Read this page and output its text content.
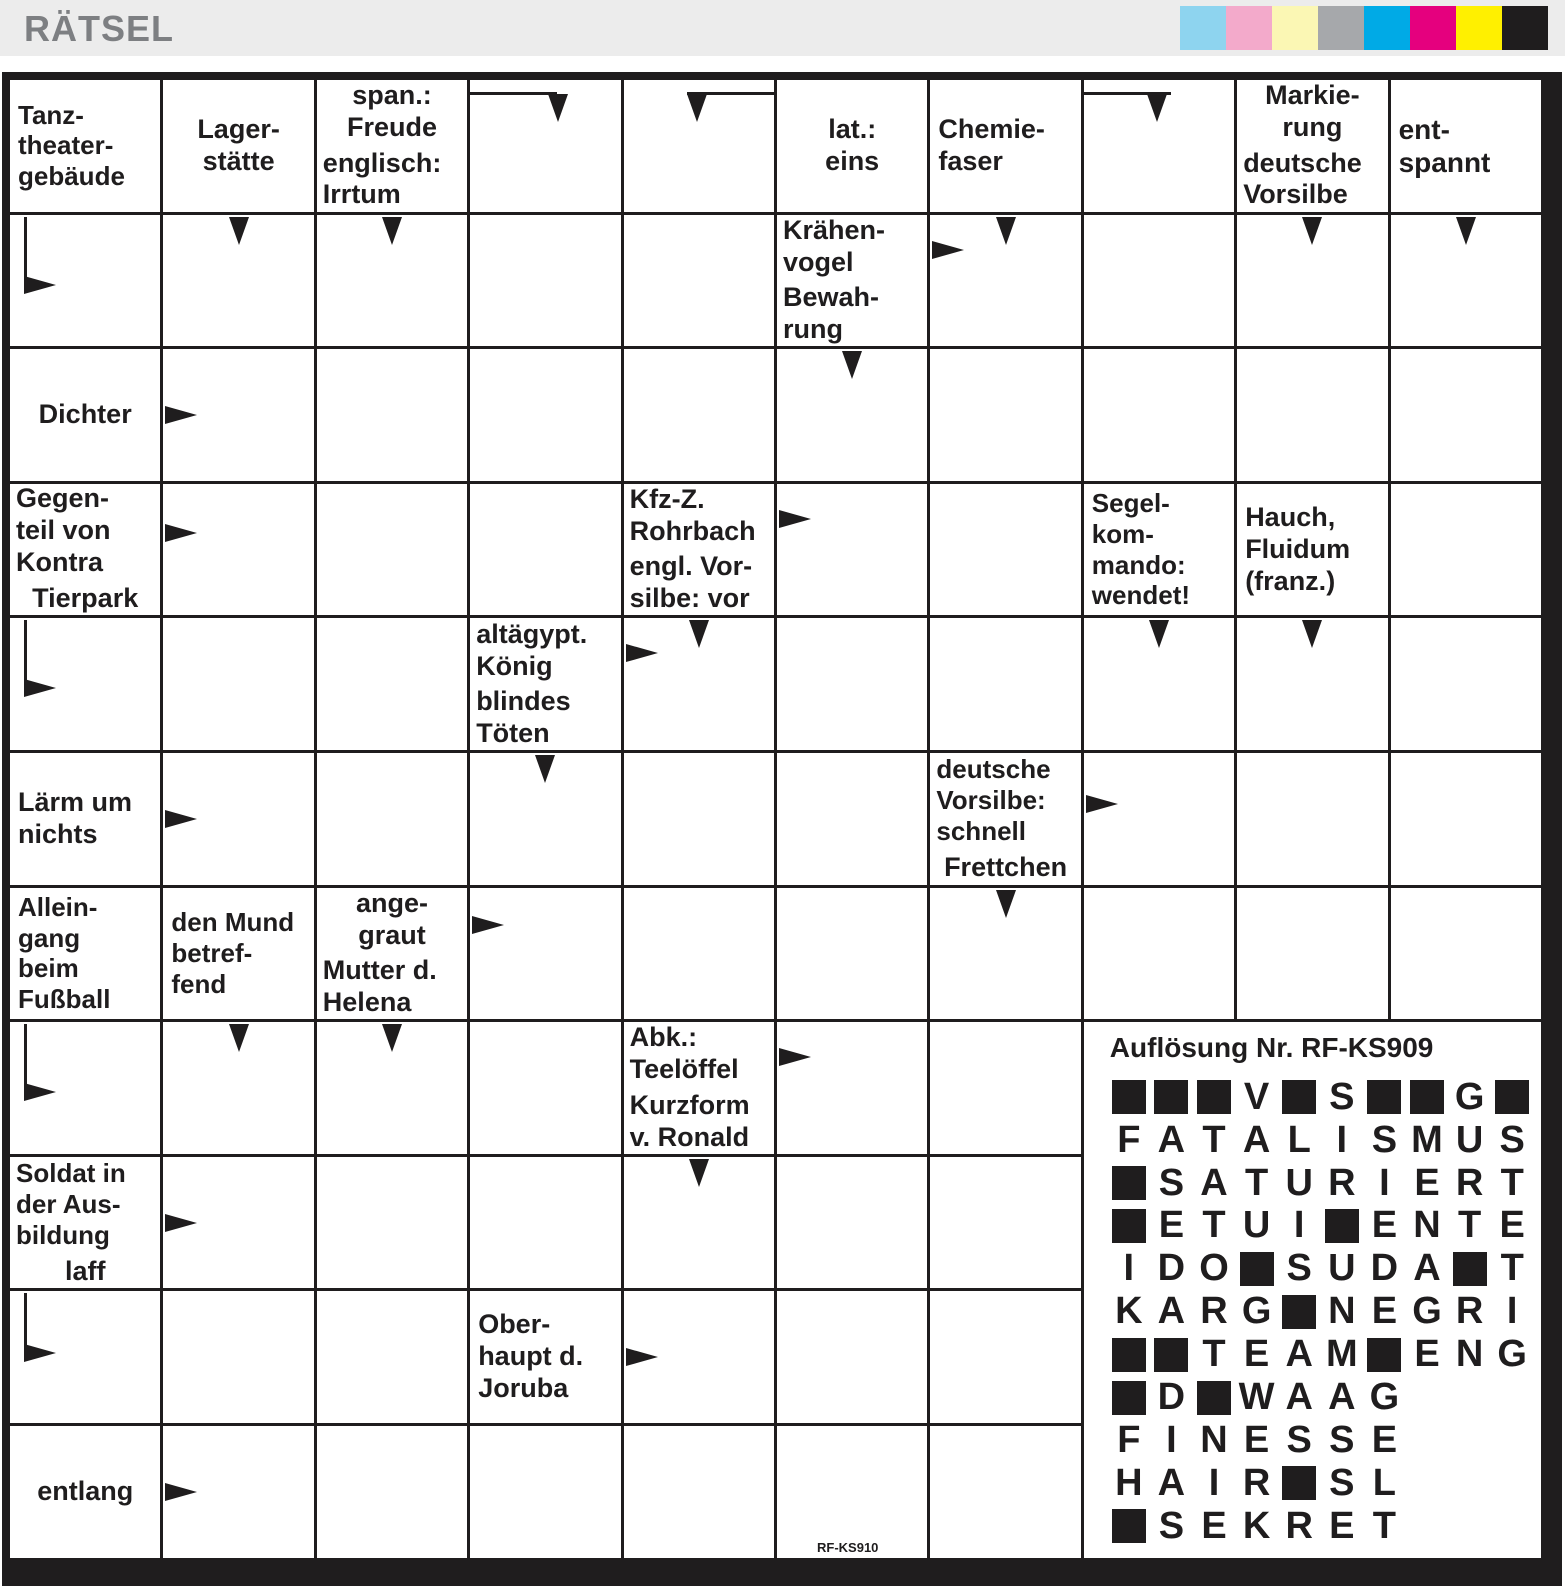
RÄTSEL
Tanz-
theater-
gebäude
Lager-
stätte
span.:
Freude
englisch:
Irrtum
lat.:
eins
Chemie-
faser
Markie-
rung
deutsche
Vorsilbe
ent-
spannt
Krähen-
vogel
Bewah-
rung
Dichter
Gegen-
teil von
Kontra
Tierpark
Kfz-Z.
Rohrbach
engl. Vor-
silbe: vor
Segel-
kom-
mando:
wendet!
Hauch,
Fluidum
(franz.)
altägypt.
König
blindes
Töten
Lärm um
nichts
deutsche
Vorsilbe:
schnell
Frettchen
Allein-
gang
beim
Fußball
den Mund
betref-
fend
ange-
graut
Mutter d.
Helena
Abk.:
Teelöffel
Kurzform
v. Ronald
Soldat in
der Aus-
bildung
laff
Ober-
haupt d.
Joruba
entlang
Auflösung Nr. RF-KS909
V S	G
F A T A L I S M U S
S A T U R I E R T
E T U I	E N T E
I D O S U D A T
K A R G N E G R I
T E A M E N G
D W A A G
F I N E S S E
H A I R S L
S E K R E T
RF-KS910
